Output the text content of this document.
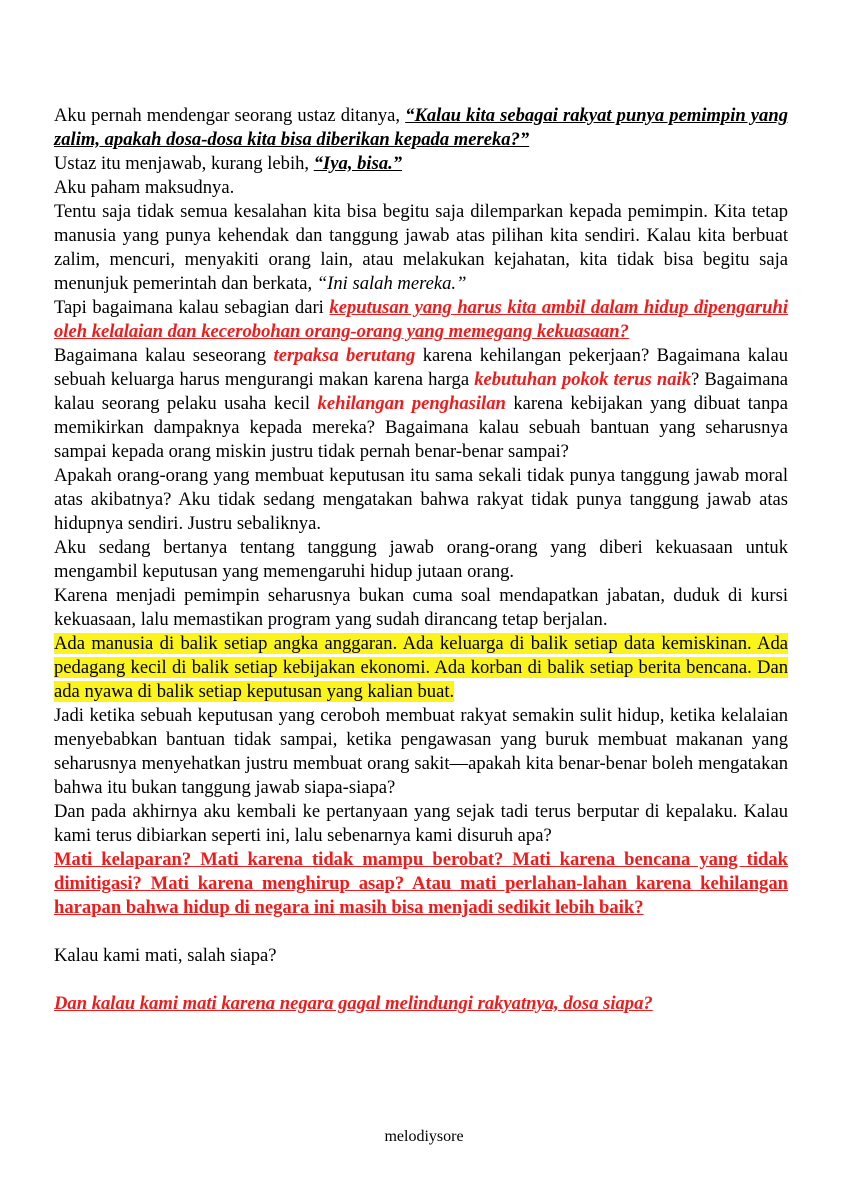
Aku pernah mendengar seorang ustaz ditanya, “Kalau kita sebagai rakyat punya pemimpin yang zalim, apakah dosa-dosa kita bisa diberikan kepada mereka?”

Ustaz itu menjawab, kurang lebih, “Iya, bisa.”

Aku paham maksudnya.

Tentu saja tidak semua kesalahan kita bisa begitu saja dilemparkan kepada pemimpin. Kita tetap manusia yang punya kehendak dan tanggung jawab atas pilihan kita sendiri. Kalau kita berbuat zalim, mencuri, menyakiti orang lain, atau melakukan kejahatan, kita tidak bisa begitu saja menunjuk pemerintah dan berkata, “Ini salah mereka.”

Tapi bagaimana kalau sebagian dari keputusan yang harus kita ambil dalam hidup dipengaruhi oleh kelalaian dan kecerobohan orang-orang yang memegang kekuasaan?

Bagaimana kalau seseorang terpaksa berutang karena kehilangan pekerjaan? Bagaimana kalau sebuah keluarga harus mengurangi makan karena harga kebutuhan pokok terus naik? Bagaimana kalau seorang pelaku usaha kecil kehilangan penghasilan karena kebijakan yang dibuat tanpa memikirkan dampaknya kepada mereka? Bagaimana kalau sebuah bantuan yang seharusnya sampai kepada orang miskin justru tidak pernah benar-benar sampai?

Apakah orang-orang yang membuat keputusan itu sama sekali tidak punya tanggung jawab moral atas akibatnya? Aku tidak sedang mengatakan bahwa rakyat tidak punya tanggung jawab atas hidupnya sendiri. Justru sebaliknya.

Aku sedang bertanya tentang tanggung jawab orang-orang yang diberi kekuasaan untuk mengambil keputusan yang memengaruhi hidup jutaan orang.

Karena menjadi pemimpin seharusnya bukan cuma soal mendapatkan jabatan, duduk di kursi kekuasaan, lalu memastikan program yang sudah dirancang tetap berjalan.

Ada manusia di balik setiap angka anggaran. Ada keluarga di balik setiap data kemiskinan. Ada pedagang kecil di balik setiap kebijakan ekonomi. Ada korban di balik setiap berita bencana. Dan ada nyawa di balik setiap keputusan yang kalian buat.

Jadi ketika sebuah keputusan yang ceroboh membuat rakyat semakin sulit hidup, ketika kelalaian menyebabkan bantuan tidak sampai, ketika pengawasan yang buruk membuat makanan yang seharusnya menyehatkan justru membuat orang sakit—apakah kita benar-benar boleh mengatakan bahwa itu bukan tanggung jawab siapa-siapa?

Dan pada akhirnya aku kembali ke pertanyaan yang sejak tadi terus berputar di kepalaku. Kalau kami terus dibiarkan seperti ini, lalu sebenarnya kami disuruh apa?

Mati kelaparan? Mati karena tidak mampu berobat? Mati karena bencana yang tidak dimitigasi? Mati karena menghirup asap? Atau mati perlahan-lahan karena kehilangan harapan bahwa hidup di negara ini masih bisa menjadi sedikit lebih baik?

Kalau kami mati, salah siapa?

Dan kalau kami mati karena negara gagal melindungi rakyatnya, dosa siapa?

melodiysore
